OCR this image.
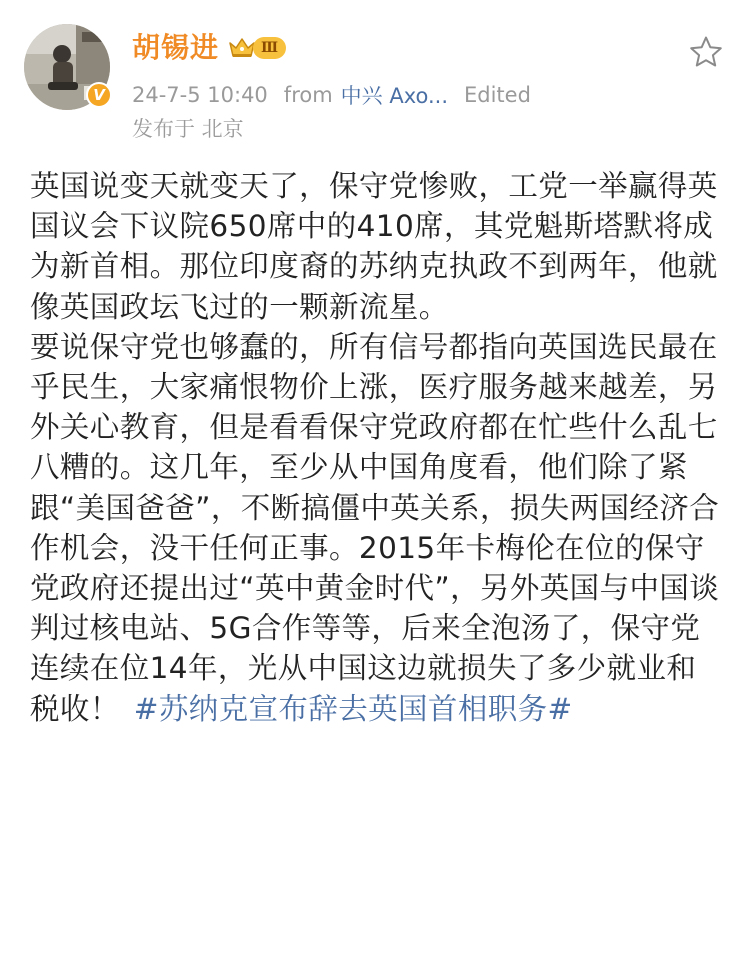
V
胡锡进	Ⅲ
24-7-5 10:40 from 中兴 Axo... Edited
发布于 北京

英国说变天就变天了，保守党惨败，工党一举赢得英国议会下议院650席中的410席，其党魁斯塔默将成为新首相。那位印度裔的苏纳克执政不到两年，他就像英国政坛飞过的一颗新流星。

要说保守党也够蠢的，所有信号都指向英国选民最在乎民生，大家痛恨物价上涨，医疗服务越来越差，另外关心教育，但是看看保守党政府都在忙些什么乱七八糟的。这几年，至少从中国角度看，他们除了紧跟“美国爸爸”，不断搞僵中英关系，损失两国经济合作机会，没干任何正事。2015年卡梅伦在位的保守党政府还提出过“英中黄金时代”，另外英国与中国谈判过核电站、5G合作等等，后来全泡汤了，保守党连续在位14年，光从中国这边就损失了多少就业和税收！ #苏纳克宣布辞去英国首相职务#
